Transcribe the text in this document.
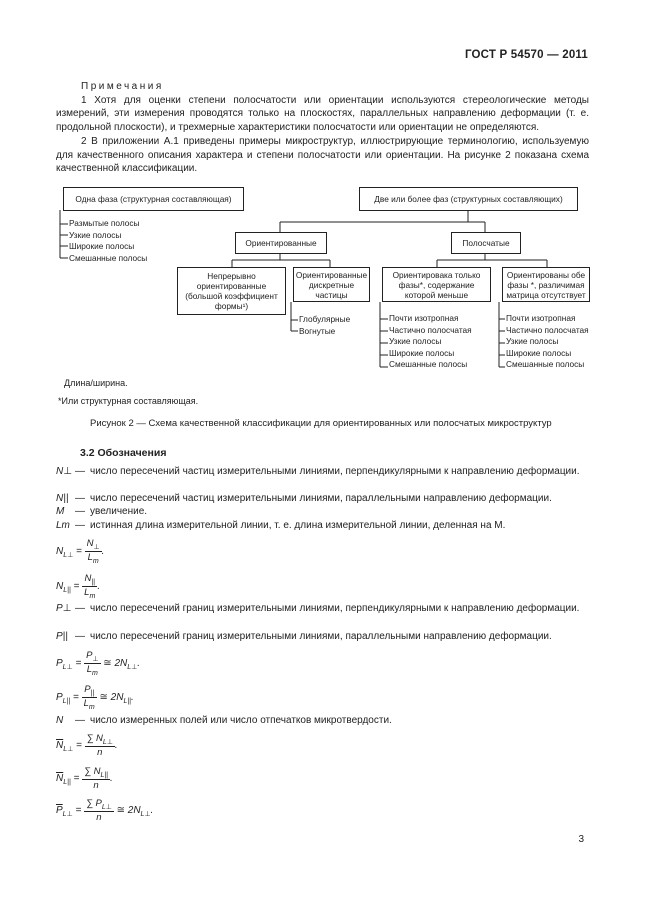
ГОСТ Р 54570 — 2011
Примечания
1 Хотя для оценки степени полосчатости или ориентации используются стереологические методы измерений, эти измерения проводятся только на плоскостях, параллельных направлению деформации (т. е. продольной плоскости), и трехмерные характеристики полосчатости или ориентации не определяются.
2 В приложении А.1 приведены примеры микроструктур, иллюстрирующие терминологию, используемую для качественного описания характера и степени полосчатости или ориентации. На рисунке 2 показана схема качественной классификации.
Одна фаза (структурная составляющая)
Размытые полосы
Узкие полосы
Широкие полосы
Смешанные полосы
Две или более фаз (структурных составляющих)
Ориентированные	Полосчатые
Непрерывно ориентированные (большой коэффициент формы¹)
Ориентированные дискретные частицы
Глобулярные
Вогнутые
Ориентировака только фазы*, содержание которой меньше
Ориентированы обе фазы *, различимая матрица отсутствует
Почти изотропная
Частично полосчатая
Узкие полосы
Широкие полосы
Смешанные полосы
Почти изотропная
Частично полосчатая
Узкие полосы
Широкие полосы
Смешанные полосы
Длина/ширина.
*Или структурная составляющая.
Рисунок 2 — Схема качественной классификации для ориентированных или полосчатых микроструктур
3.2 Обозначения
N⊥ — число пересечений частиц измерительными линиями, перпендикулярными к направлению деформации.
N|| — число пересечений частиц измерительными линиями, параллельными направлению деформации.
M — увеличение.
Lт — истинная длина измерительной линии, т. е. длина измерительной линии, деленная на M.
$N_{L\perp} = \frac{N_\perp}{L_т}$ .
$N_{L||} = \frac{N_{||}}{L_т}$ .
P⊥ — число пересечений границ измерительными линиями, перпендикулярными к направлению деформации.
P|| — число пересечений границ измерительными линиями, параллельными направлению деформации.
$P_{L\perp} = \frac{P_\perp}{L_т}$ ≅ $2N_{L\perp}$.
$P_{L||} = \frac{P_{||}}{L_т}$ ≅ $2N_{L||}$.
N — число измеренных полей или число отпечатков микротвердости.
$\overline{N}_{L\perp} = \frac{\sum N_{L\perp}}{n}$ .
$\overline{N}_{L||} = \frac{\sum N_{L||}}{n}$ .
$\overline{P}_{L\perp} = \frac{\sum P_{L\perp}}{n}$ ≅ $2N_{L\perp}$.
3
